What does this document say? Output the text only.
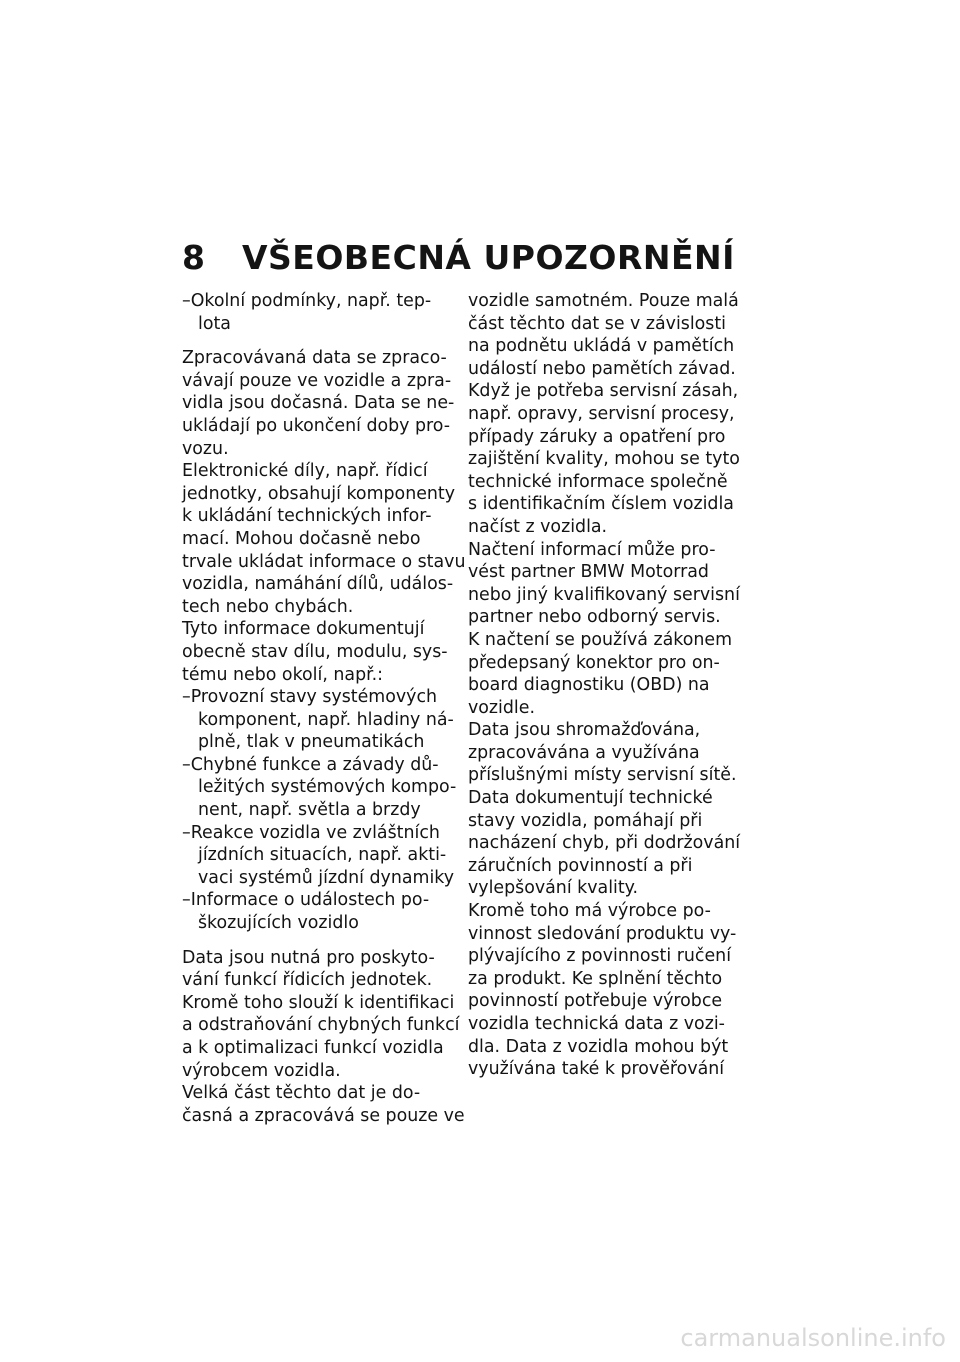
8 VŠEOBECNÁ UPOZORNĚNÍ
–Okolní podmínky, např. tep-
lota
Zpracovávaná data se zpraco-
vávají pouze ve vozidle a zpra-
vidla jsou dočasná. Data se ne-
ukládají po ukončení doby pro-
vozu.
Elektronické díly, např. řídicí
jednotky, obsahují komponenty
k ukládání technických infor-
mací. Mohou dočasně nebo
trvale ukládat informace o stavu
vozidla, namáhání dílů, událos-
tech nebo chybách.
Tyto informace dokumentují
obecně stav dílu, modulu, sys-
tému nebo okolí, např.:
–Provozní stavy systémových
komponent, např. hladiny ná-
plně, tlak v pneumatikách
–Chybné funkce a závady dů-
ležitých systémových kompo-
nent, např. světla a brzdy
–Reakce vozidla ve zvláštních
jízdních situacích, např. akti-
vaci systémů jízdní dynamiky
–Informace o událostech po-
škozujících vozidlo
Data jsou nutná pro poskyto-
vání funkcí řídicích jednotek.
Kromě toho slouží k identifikaci
a odstraňování chybných funkcí
a k optimalizaci funkcí vozidla
výrobcem vozidla.
Velká část těchto dat je do-
časná a zpracovává se pouze ve
vozidle samotném. Pouze malá
část těchto dat se v závislosti
na podnětu ukládá v pamětích
událostí nebo pamětích závad.
Když je potřeba servisní zásah,
např. opravy, servisní procesy,
případy záruky a opatření pro
zajištění kvality, mohou se tyto
technické informace společně
s identifikačním číslem vozidla
načíst z vozidla.
Načtení informací může pro-
vést partner BMW Motorrad
nebo jiný kvalifikovaný servisní
partner nebo odborný servis.
K načtení se používá zákonem
předepsaný konektor pro on-
board diagnostiku (OBD) na
vozidle.
Data jsou shromažďována,
zpracovávána a využívána
příslušnými místy servisní sítě.
Data dokumentují technické
stavy vozidla, pomáhají při
nacházení chyb, při dodržování
záručních povinností a při
vylepšování kvality.
Kromě toho má výrobce po-
vinnost sledování produktu vy-
plývajícího z povinnosti ručení
za produkt. Ke splnění těchto
povinností potřebuje výrobce
vozidla technická data z vozi-
dla. Data z vozidla mohou být
využívána také k prověřování
carmanualsonline.info
